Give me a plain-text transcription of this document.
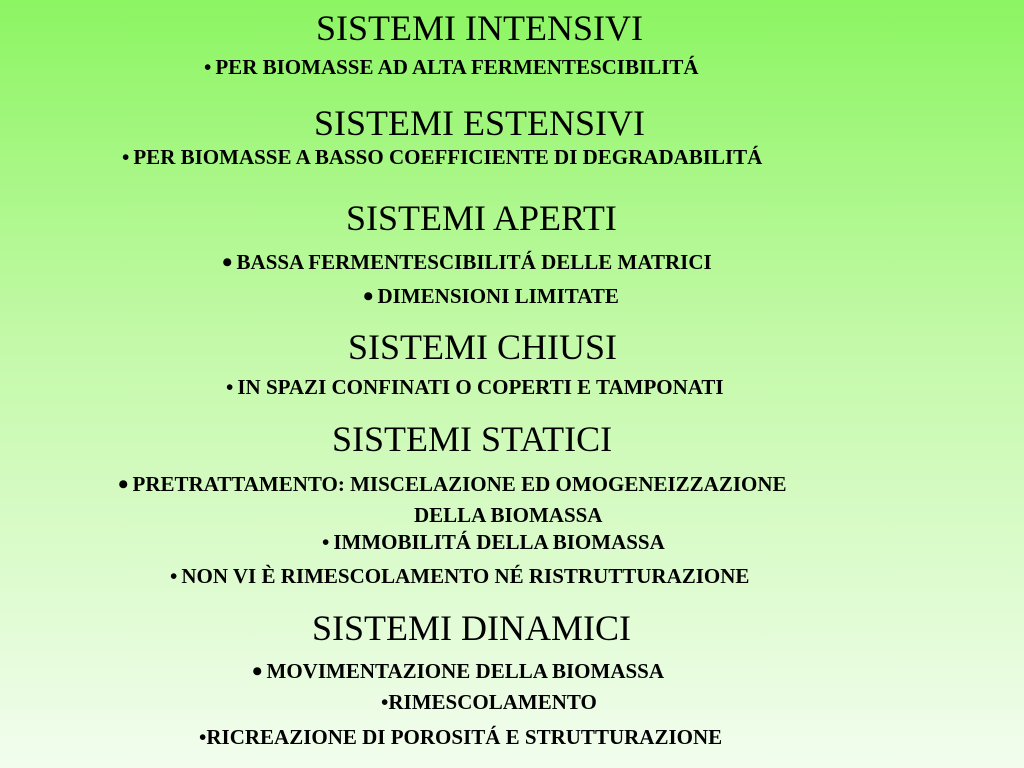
SISTEMI INTENSIVI
• PER BIOMASSE AD ALTA FERMENTESCIBILITÁ
SISTEMI ESTENSIVI
• PER BIOMASSE A BASSO COEFFICIENTE DI DEGRADABILITÁ
SISTEMI APERTI
• BASSA FERMENTESCIBILITÁ DELLE MATRICI
• DIMENSIONI LIMITATE
SISTEMI CHIUSI
• IN SPAZI CONFINATI O COPERTI E TAMPONATI
SISTEMI STATICI
• PRETRATTAMENTO: MISCELAZIONE ED OMOGENEIZZAZIONE
DELLA BIOMASSA
• IMMOBILITÁ DELLA BIOMASSA
• NON VI È RIMESCOLAMENTO NÉ RISTRUTTURAZIONE
SISTEMI DINAMICI
• MOVIMENTAZIONE DELLA BIOMASSA
•RIMESCOLAMENTO
•RICREAZIONE DI POROSITÁ E STRUTTURAZIONE
